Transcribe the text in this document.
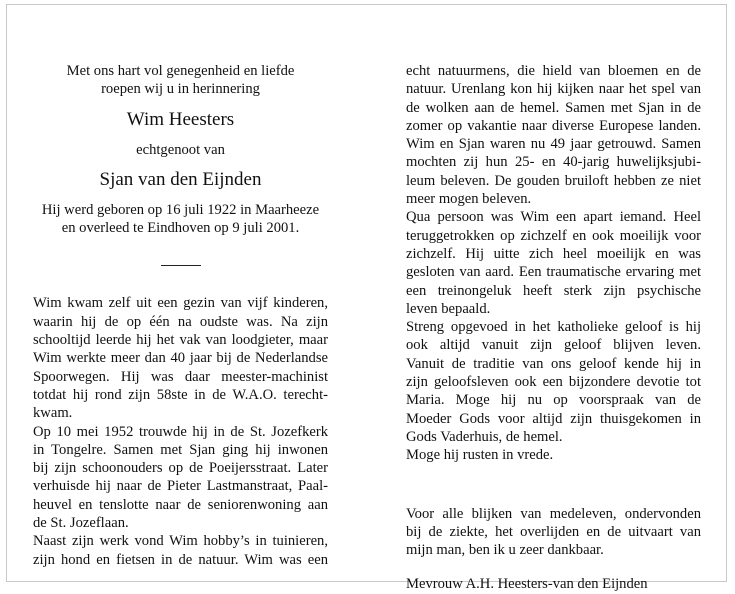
Met ons hart vol genegenheid en liefde
roepen wij u in herinnering
Wim Heesters
echtgenoot van
Sjan van den Eijnden
Hij werd geboren op 16 juli 1922 in Maarheeze
en overleed te Eindhoven op 9 juli 2001.
Wim kwam zelf uit een gezin van vijf kinderen,
waarin hij de op één na oudste was. Na zijn
schooltijd leerde hij het vak van loodgieter, maar
Wim werkte meer dan 40 jaar bij de Nederlandse
Spoorwegen. Hij was daar meester-machinist
totdat hij rond zijn 58ste in de W.A.O. terecht-
kwam.
Op 10 mei 1952 trouwde hij in de St. Jozefkerk
in Tongelre. Samen met Sjan ging hij inwonen
bij zijn schoonouders op de Poeijersstraat. Later
verhuisde hij naar de Pieter Lastmanstraat, Paal-
heuvel en tenslotte naar de seniorenwoning aan
de St. Jozeflaan.
Naast zijn werk vond Wim hobby’s in tuinieren,
zijn hond en fietsen in de natuur. Wim was een
echt natuurmens, die hield van bloemen en de
natuur. Urenlang kon hij kijken naar het spel van
de wolken aan de hemel. Samen met Sjan in de
zomer op vakantie naar diverse Europese landen.
Wim en Sjan waren nu 49 jaar getrouwd. Samen
mochten zij hun 25- en 40-jarig huwelijksjubi-
leum beleven. De gouden bruiloft hebben ze niet
meer mogen beleven.
Qua persoon was Wim een apart iemand. Heel
teruggetrokken op zichzelf en ook moeilijk voor
zichzelf. Hij uitte zich heel moeilijk en was
gesloten van aard. Een traumatische ervaring met
een treinongeluk heeft sterk zijn psychische
leven bepaald.
Streng opgevoed in het katholieke geloof is hij
ook altijd vanuit zijn geloof blijven leven.
Vanuit de traditie van ons geloof kende hij in
zijn geloofsleven ook een bijzondere devotie tot
Maria. Moge hij nu op voorspraak van de
Moeder Gods voor altijd zijn thuisgekomen in
Gods Vaderhuis, de hemel.
Moge hij rusten in vrede.
Voor alle blijken van medeleven, ondervonden
bij de ziekte, het overlijden en de uitvaart van
mijn man, ben ik u zeer dankbaar.
Mevrouw A.H. Heesters-van den Eijnden
